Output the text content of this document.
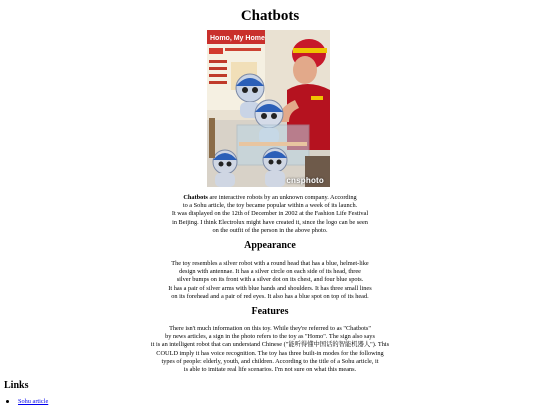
Chatbots
Homo, My Home
cnsphoto
Chatbots are interactive robots by an unknown company. According
to a Sohu article, the toy became popular within a week of its launch.
It was displayed on the 12th of December in 2002 at the Fashion Life Festival
in Beijing. I think Electrolux might have created it, since the logo can be seen
on the outfit of the person in the above photo.
Appearance
The toy resembles a silver robot with a round head that has a blue, helmet-like
design with antennae. It has a silver circle on each side of its head, three
silver bumps on its front with a silver dot on its chest, and four blue spots.
It has a pair of silver arms with blue hands and shoulders. It has three small lines
on its forehead and a pair of red eyes. It also has a blue spot on top of its head.
Features
There isn't much information on this toy. While they're referred to as "Chatbots"
by news articles, a sign in the photo refers to the toy as "Homo". The sign also says
it is an intelligent robot that can understand Chinese ("能听得懂中国话的智能机器人"). This
COULD imply it has voice recognition. The toy has three built-in modes for the following
types of people: elderly, youth, and children. According to the title of a Sohu article, it
is able to imitate real life scenarios. I'm not sure on what this means.
Links
Sohu article
